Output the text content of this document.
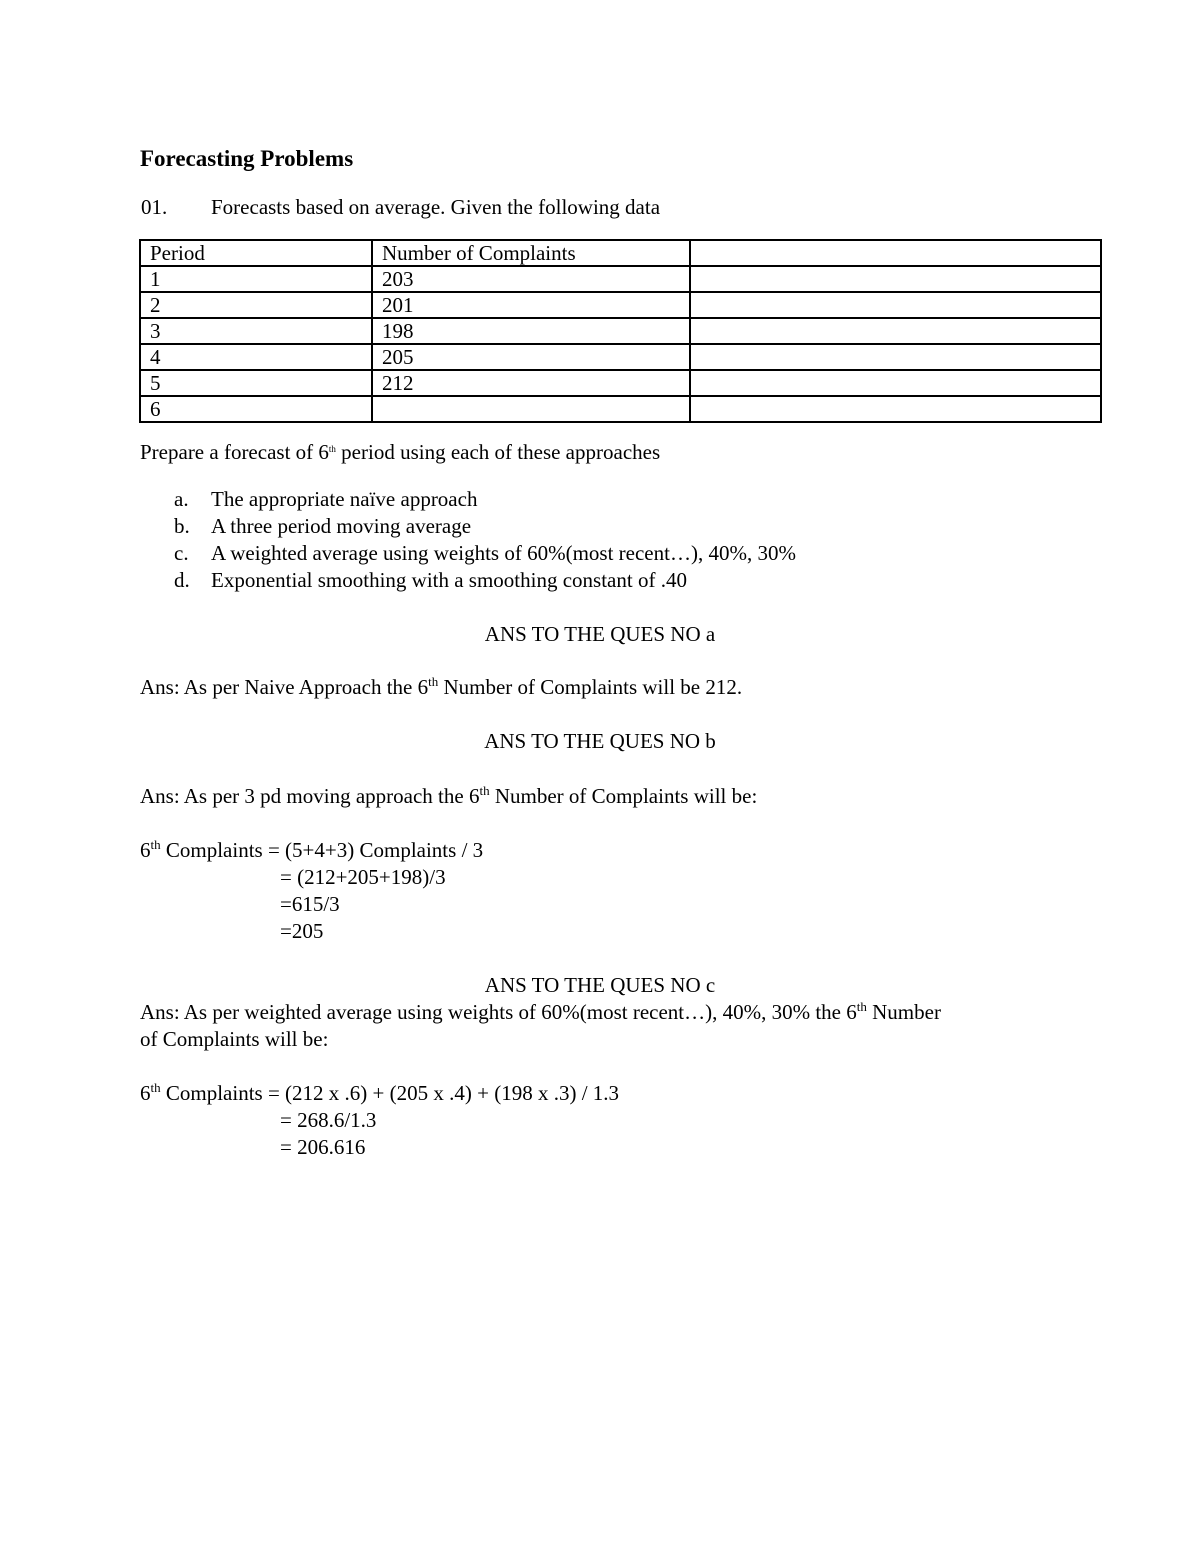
Forecasting Problems
01. Forecasts based on average. Given the following data
Period	Number of Complaints	
1	203	
2	201	
3	198	
4	205	
5	212	
6		
Prepare a forecast of 6th period using each of these approaches
a. The appropriate naïve approach
b. A three period moving average
c. A weighted average using weights of 60%(most recent…), 40%, 30%
d. Exponential smoothing with a smoothing constant of .40
ANS TO THE QUES NO a
Ans: As per Naive Approach the 6th Number of Complaints will be 212.
ANS TO THE QUES NO b
Ans: As per 3 pd moving approach the 6th Number of Complaints will be:
6th Complaints = (5+4+3) Complaints / 3
= (212+205+198)/3
=615/3
=205
ANS TO THE QUES NO c
Ans: As per weighted average using weights of 60%(most recent…), 40%, 30% the 6th Number
of Complaints will be:
6th Complaints = (212 x .6) + (205 x .4) + (198 x .3) / 1.3
= 268.6/1.3
= 206.616
